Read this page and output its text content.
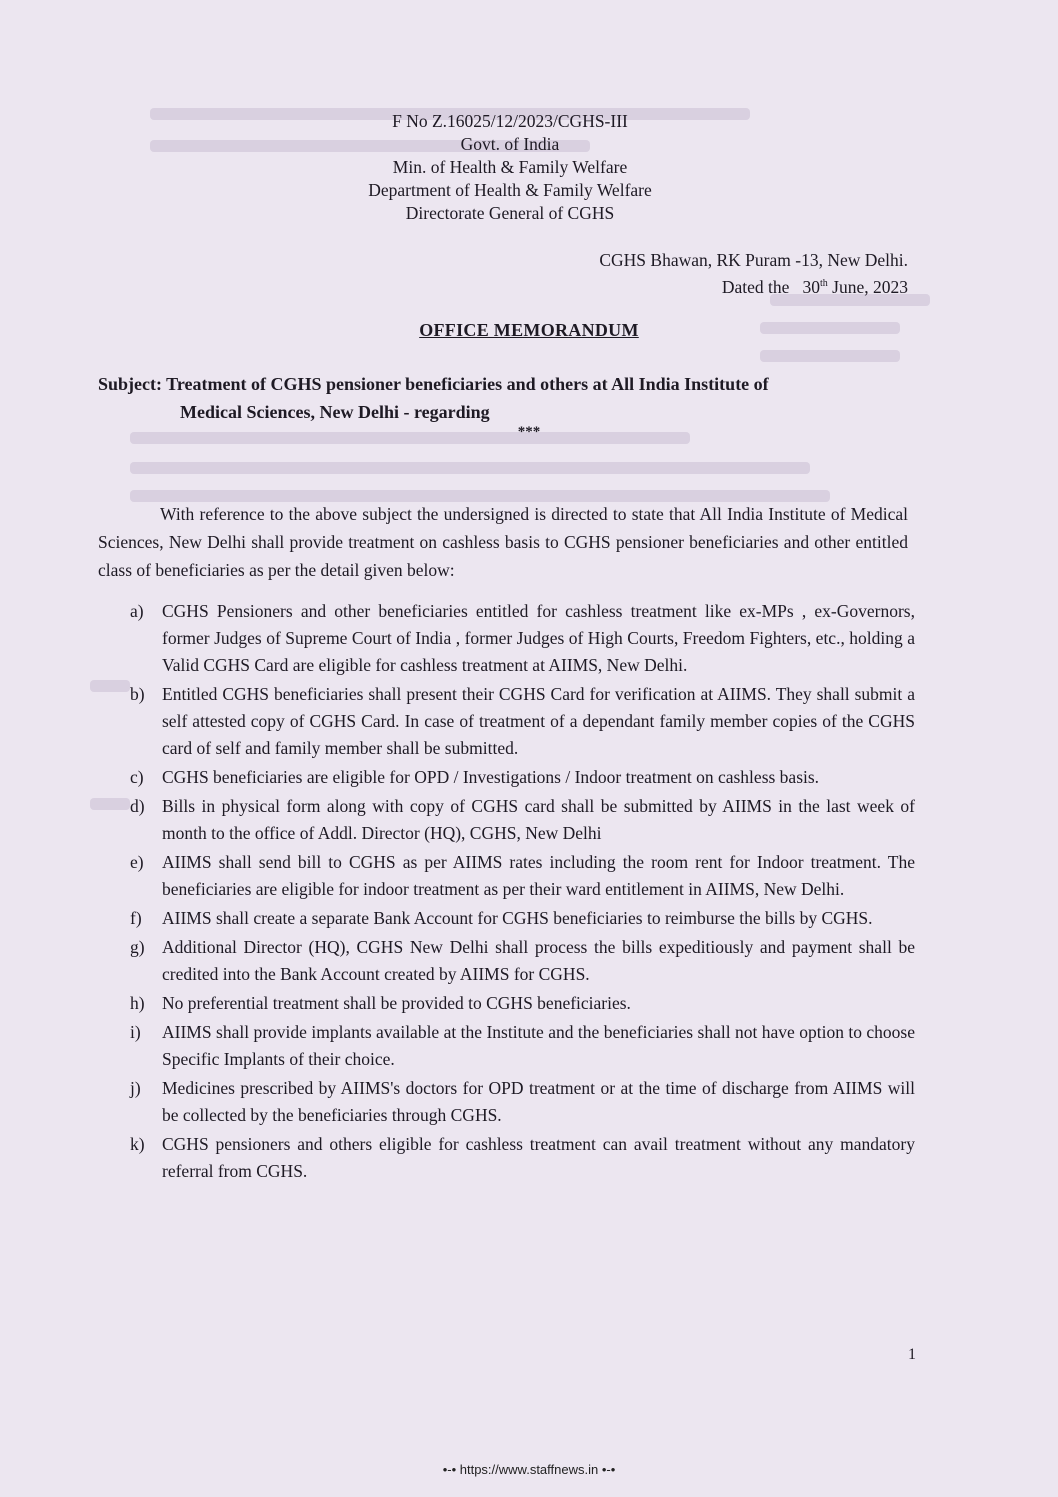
F No Z.16025/12/2023/CGHS-III
Govt. of India
Min. of Health & Family Welfare
Department of Health & Family Welfare
Directorate General of CGHS
CGHS Bhawan, RK Puram -13, New Delhi.
Dated the 30th June, 2023
OFFICE MEMORANDUM
Subject: Treatment of CGHS pensioner beneficiaries and others at All India Institute of
Medical Sciences, New Delhi - regarding
***
With reference to the above subject the undersigned is directed to state that All India Institute of Medical Sciences, New Delhi shall provide treatment on cashless basis to CGHS pensioner beneficiaries and other entitled class of beneficiaries as per the detail given below:
a)	CGHS Pensioners and other beneficiaries entitled for cashless treatment like ex-MPs , ex-Governors, former Judges of Supreme Court of India , former Judges of High Courts, Freedom Fighters, etc., holding a Valid CGHS Card are eligible for cashless treatment at AIIMS, New Delhi.
b) Entitled CGHS beneficiaries shall present their CGHS Card for verification at AIIMS. They shall submit a self attested copy of CGHS Card. In case of treatment of a dependant family member copies of the CGHS card of self and family member shall be submitted.
c)	CGHS beneficiaries are eligible for OPD / Investigations / Indoor treatment on cashless basis.
d) Bills in physical form along with copy of CGHS card shall be submitted by AIIMS in the last week of month to the office of Addl. Director (HQ), CGHS, New Delhi
e)	AIIMS shall send bill to CGHS as per AIIMS rates including the room rent for Indoor treatment. The beneficiaries are eligible for indoor treatment as per their ward entitlement in AIIMS, New Delhi.
f)	AIIMS shall create a separate Bank Account for CGHS beneficiaries to reimburse the bills by CGHS.
g) Additional Director (HQ), CGHS New Delhi shall process the bills expeditiously and payment shall be credited into the Bank Account created by AIIMS for CGHS.
h) No preferential treatment shall be provided to CGHS beneficiaries.
i)	AIIMS shall provide implants available at the Institute and the beneficiaries shall not have option to choose Specific Implants of their choice.
j)	Medicines prescribed by AIIMS's doctors for OPD treatment or at the time of discharge from AIIMS will be collected by the beneficiaries through CGHS.
k) CGHS pensioners and others eligible for cashless treatment can avail treatment without any mandatory referral from CGHS.
1
•-• https://www.staffnews.in •-•
